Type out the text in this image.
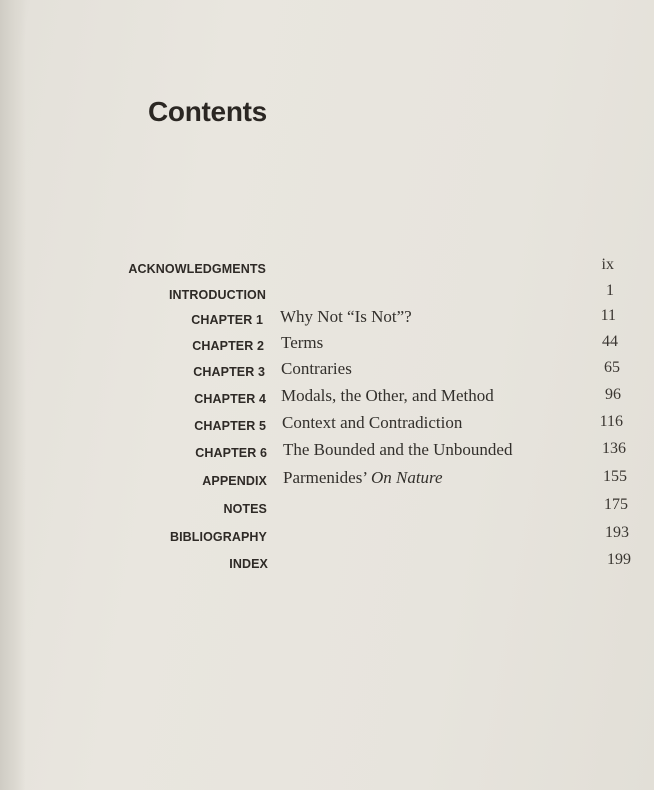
Contents
ACKNOWLEDGMENTS	ix
INTRODUCTION	1
CHAPTER 1 Why Not “Is Not”?	11
CHAPTER 2 Terms	44
CHAPTER 3 Contraries	65
CHAPTER 4 Modals, the Other, and Method	96
CHAPTER 5 Context and Contradiction	116
CHAPTER 6 The Bounded and the Unbounded	136
APPENDIX Parmenides’ On Nature	155
NOTES	175
BIBLIOGRAPHY	193
INDEX	199
